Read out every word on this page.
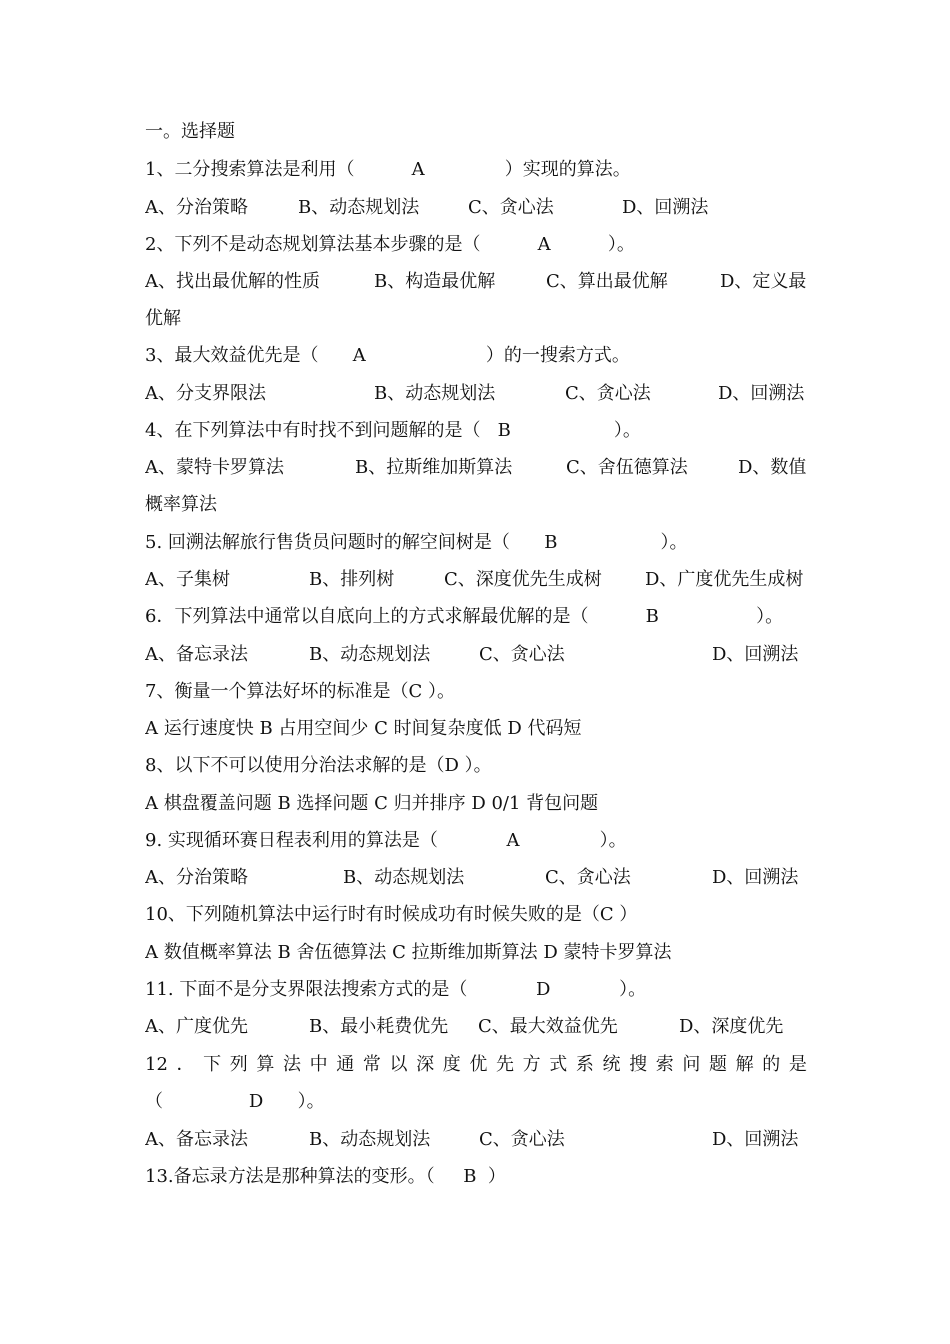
一。选择题
1、二分搜索算法是利用（          A              ）实现的算法。

A、分治策略

	B、动态规划法

	C、贪心法

	D、回溯法

2、下列不是动态规划算法基本步骤的是（          A          ）。

A、找出最优解的性质

	B、构造最优解

	C、算出最优解

	D、定义最

优解
3、最大效益优先是（      A                     ）的一搜索方式。

A、分支界限法

	B、动态规划法

	C、贪心法

	D、回溯法

4、在下列算法中有时找不到问题解的是（   B                  ）。

A、蒙特卡罗算法

	B、拉斯维加斯算法

	C、舍伍德算法

	D、数值

概率算法
5. 回溯法解旅行售货员问题时的解空间树是（      B                  ）。

A、子集树

	B、排列树

	C、深度优先生成树

D、广度优先生成树

6．下列算法中通常以自底向上的方式求解最优解的是（          B                 ）。

A、备忘录法

	B、动态规划法

	C、贪心法

	D、回溯法

7、衡量一个算法好坏的标准是（C ）。
A 运行速度快 B 占用空间少 C 时间复杂度低 D 代码短
8、以下不可以使用分治法求解的是（D ）。
A 棋盘覆盖问题 B 选择问题 C 归并排序 D 0/1 背包问题
9. 实现循环赛日程表利用的算法是（            A              ）。

A、分治策略

	B、动态规划法

	C、贪心法

	D、回溯法

10、下列随机算法中运行时有时候成功有时候失败的是（C ）
A 数值概率算法 B 舍伍德算法 C 拉斯维加斯算法 D 蒙特卡罗算法
11. 下面不是分支界限法搜索方式的是（            D            ）。

A、广度优先

	B、最小耗费优先

C、最大效益优先

	D、深度优先

12 ． 下 列 算 法 中 通 常 以 深 度 优 先 方 式 系 统 搜 索 问 题 解 的 是
（               D      ）。

A、备忘录法

	B、动态规划法

	C、贪心法

	D、回溯法

13.备忘录方法是那种算法的变形。（     B  ）
